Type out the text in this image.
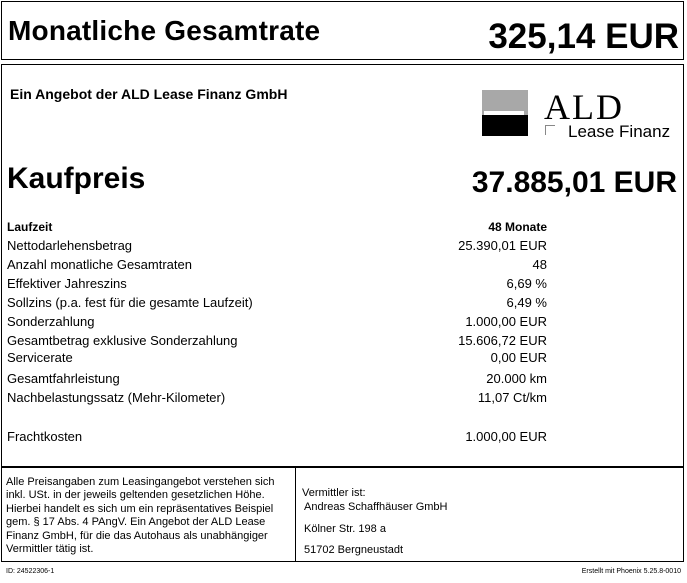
Monatliche Gesamtrate	325,14 EUR
Ein Angebot der ALD Lease Finanz GmbH	ALD
Lease Finanz
Kaufpreis	37.885,01 EUR
Laufzeit	48 Monate
Nettodarlehensbetrag	25.390,01 EUR
Anzahl monatliche Gesamtraten	48
Effektiver Jahreszins	6,69 %
Sollzins (p.a. fest für die gesamte Laufzeit)	6,49 %
Sonderzahlung	1.000,00 EUR
Gesamtbetrag exklusive Sonderzahlung	15.606,72 EUR
Servicerate	0,00 EUR
Gesamtfahrleistung	20.000 km
Nachbelastungssatz (Mehr-Kilometer)	11,07 Ct/km
Frachtkosten	1.000,00 EUR
Alle Preisangaben zum Leasingangebot verstehen sich inkl. USt. in der jeweils geltenden gesetzlichen Höhe. Hierbei handelt es sich um ein repräsentatives Beispiel gem. § 17 Abs. 4 PAngV. Ein Angebot der ALD Lease Finanz GmbH, für die das Autohaus als unabhängiger Vermittler tätig ist.
Vermittler ist:
Andreas Schaffhäuser GmbH
Kölner Str. 198 a
51702 Bergneustadt
ID: 24522306-1	Erstellt mit Phoenix 5.25.8-0010
